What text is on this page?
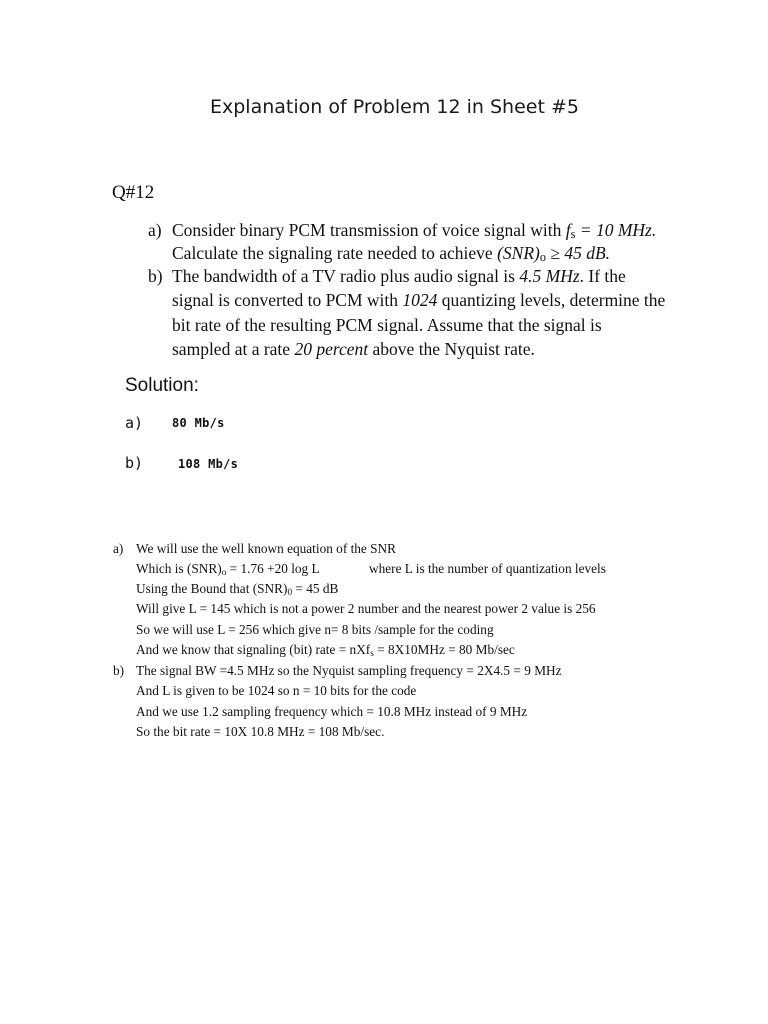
Explanation of Problem 12 in Sheet #5
Q#12
a) Consider binary PCM transmission of voice signal with $f_s = 10$ MHz.
Calculate the signaling rate needed to achieve $(SNR)_o \ge 45$ dB.
b) The bandwidth of a TV radio plus audio signal is 4.5 MHz. If the
signal is converted to PCM with 1024 quantizing levels, determine the
bit rate of the resulting PCM signal. Assume that the signal is
sampled at a rate 20 percent above the Nyquist rate.
Solution:
a) 80 Mb/s
b)	108 Mb/s
a) We will use the well known equation of the SNR
Which is $(SNR)_o = 1.76 +20$ log L	where L is the number of quantization levels
Using the Bound that $(SNR)_0 = 45$ dB
Will give L = 145 which is not a power 2 number and the nearest power 2 value is 256
So we will use L = 256 which give n= 8 bits /sample for the coding
And we know that signaling (bit) rate = nXf$_s$ = 8X10MHz = 80 Mb/sec
b) The signal BW =4.5 MHz so the Nyquist sampling frequency = 2X4.5 = 9 MHz
And L is given to be 1024 so n = 10 bits for the code
And we use 1.2 sampling frequency which = 10.8 MHz instead of 9 MHz
So the bit rate = 10X 10.8 MHz = 108 Mb/sec.
